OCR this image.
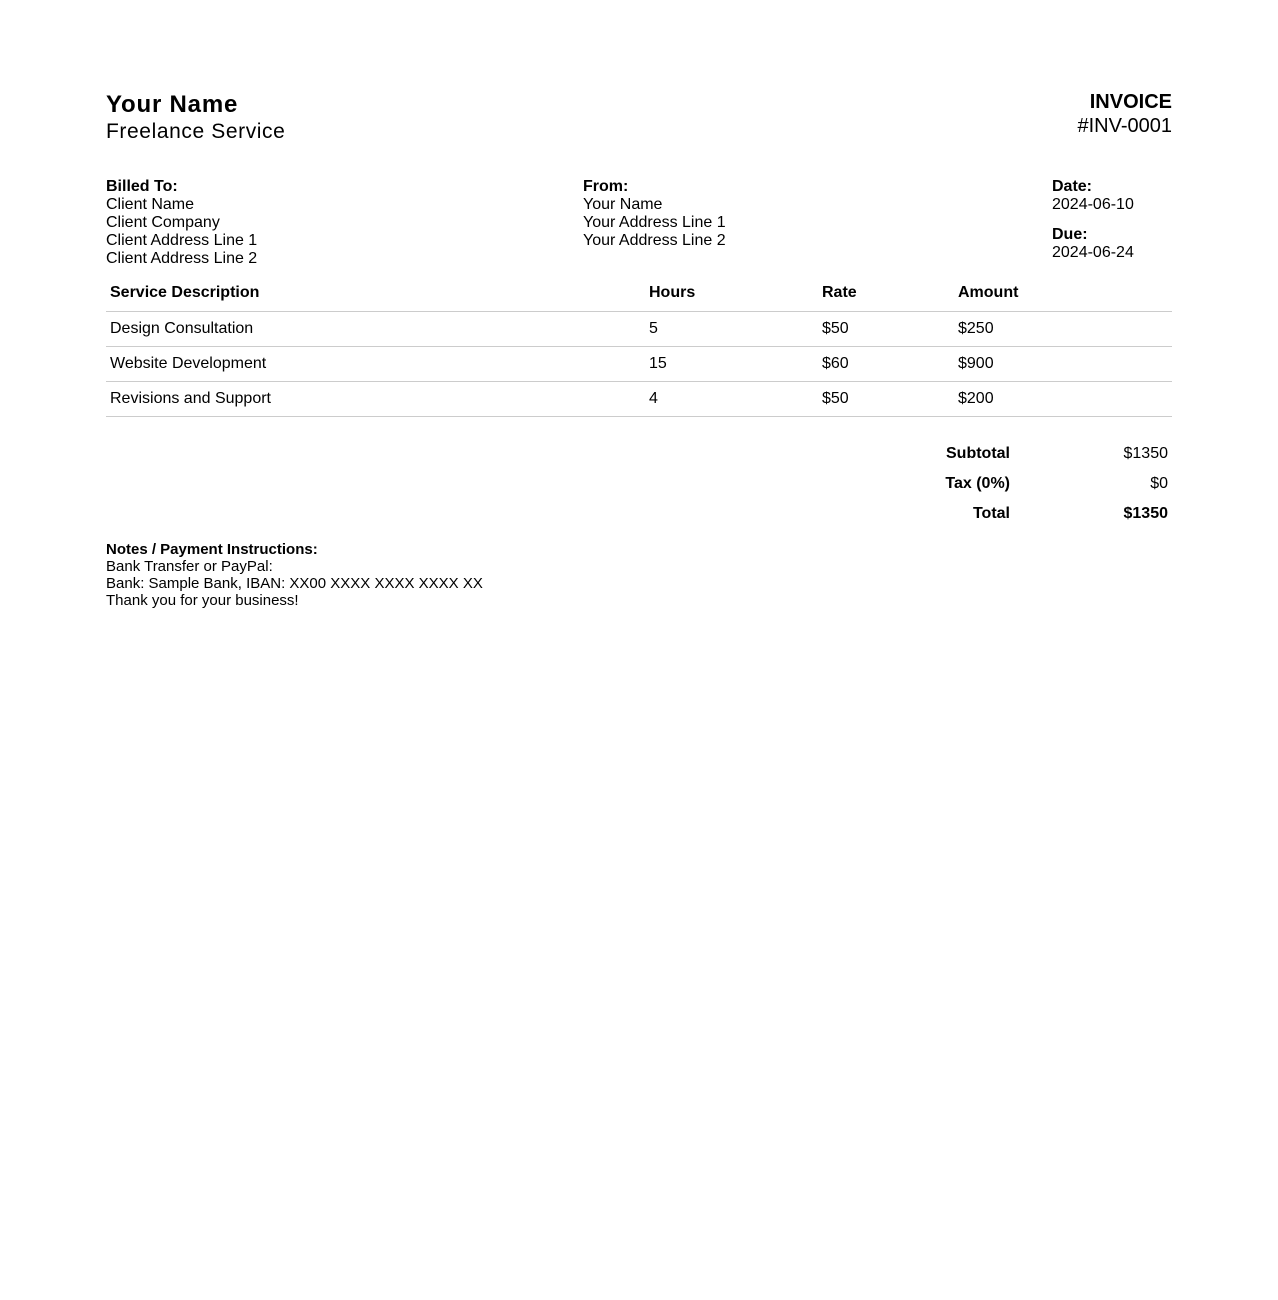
Your Name
Freelance Service
INVOICE
#INV-0001
Billed To:
Client Name
Client Company
Client Address Line 1
Client Address Line 2
From:
Your Name
Your Address Line 1
Your Address Line 2
Date:
2024-06-10
Due:
2024-06-24
Service Description	Hours	Rate	Amount
Design Consultation	5	$50	$250
Website Development	15	$60	$900
Revisions and Support	4	$50	$200
Subtotal	$1350
Tax (0%)	$0
Total	$1350
Notes / Payment Instructions:
Bank Transfer or PayPal:
Bank: Sample Bank, IBAN: XX00 XXXX XXXX XXXX XX
Thank you for your business!
